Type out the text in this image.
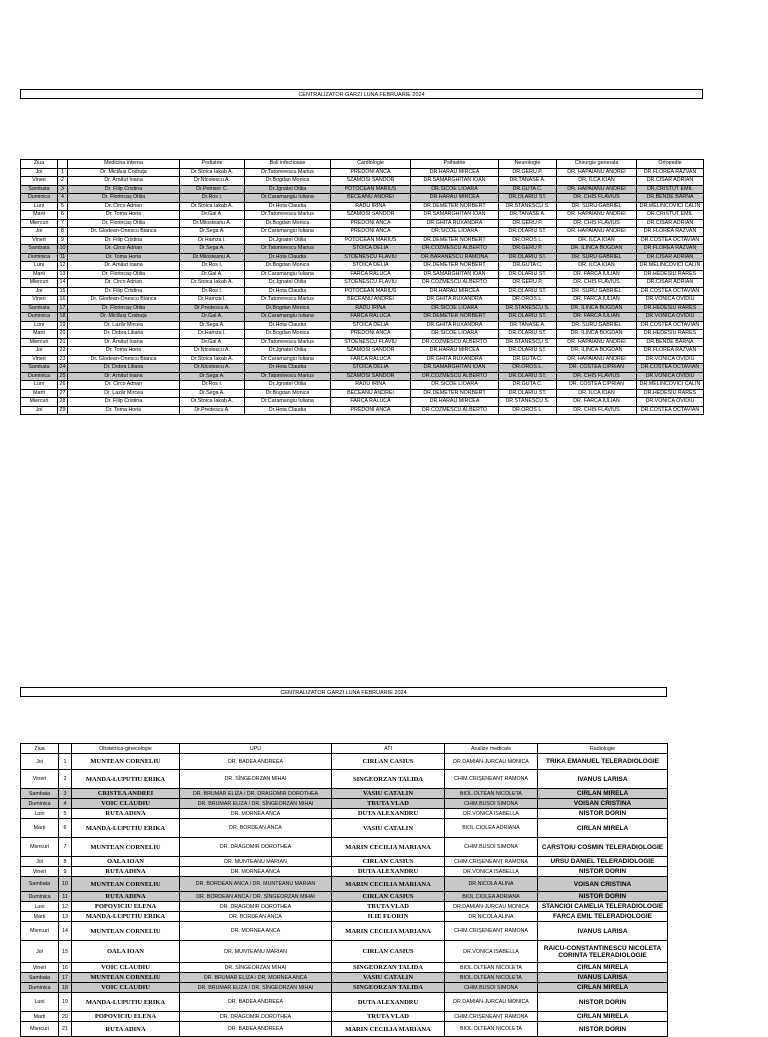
CENTRALIZATOR GARZI LUNA FEBRUARIE 2024
Ziua		Medicina interna	Pediatrie	Boli infectioase	Cardiologie	Psihiatrie	Neurologie	Chirurgie generala	Ortopedie
Joi	1	Dr. Miclăuș Codruța	Dr.Stoica Iakab A.	Dr.Tatomirescu Marius	PREDONI ANCA	DR.HARAU MIRCEA	DR.GERU P.	DR. HAPAIANU ANDREI	DR.FLOREA RAZVAN
Vineri	2	Dr. Arnăut Ioana	Dr.Nicolescu A.	Dr.Bogdan Monica	SZAMOSI SANDOR	DR.SAMARGHITAN IOAN	DR.TANASE A.	DR. ILCA IOAN	DR.CISAR ADRIAN
Sambata	3	Dr. Filip Cristina	Dr.Petrisor C.	Dr.Jgnatel Otilia	POTOCEAN MARIUS	DR.SICOE LIOARA	DR.GUTA C.	DR. HAPAIANU ANDREI	DR.CRISTUT EMIL
Duminica	4	Dr. Florincaș Otilia	Dr.Ros I.	Dr.Caramangiu Iuliana	BECEANU ANDREI	DR.HARAU MIRCEA	DR.OLARIU ST.	DR. CHIS FLAVIUS	DR.BENDE BARNA
Luni	5	Dr. Circo Adrian	Dr.Stoica Iakab A.	Dr.Hota Claudia	RADU IRINA	DR.DEMETER NORBERT	DR.STANESCU S.	DR. SURU GABRIEL	DR.MELINCOVICI CALIN
Marti	6	Dr. Toma Horia	Dr.Gal A.	Dr.Tatomirescu Marius	SZAMOSI SANDOR	DR.SAMARGHITAN IOAN	DR.TANASE A.	DR. HAPAIANU ANDREI	DR.CRISTUT EMIL
Miercuri	7	Dr. Florincaș Otilia	Dr.Milosteanu A.	Dr.Bogdan Monica	PREDONI ANCA	DR.GHITA RUXANDRA	DR.GERU P.	DR. CHIS FLAVIUS	DR.CISAR ADRIAN
Joi	8	Dr. Glodean-Onescu Bianca	Dr.Sega A.	Dr.Caramangiu Iuliana	PREDONI ANCA	DR.SICOE LIOARA	DR.OLARIU ST.	DR. HAPAIANU ANDREI	DR.FLOREA RAZVAN
Vineri	9	Dr. Filip Cristina	Dr.Hamza I.	Dr.Jgnatel Otilia	POTOCEAN MARIUS	DR.DEMETER NORBERT	DR.OROS L.	DR. ILCA IOAN	DR.COSTEA OCTAVIAN
Sambata	10	Dr. Circo Adrian	Dr.Sega A.	Dr.Tatomirescu Marius	STOICA DELIA	DR.COZMESCU ALBERTO	DR.GERU P.	DR. ILINCA BOGDAN	DR.FLOREA RAZVAN
Duminica	11	Dr. Toma Horia	Dr.Milosteanu A.	Dr.Hota Claudia	STOENESCU FLAVIU	DR.BARANESCU RAMONA	DR.OLARIU ST.	DR. SURU GABRIEL	DR.CISAR ADRIAN
Luni	12	Dr. Arnăut Ioana	Dr.Ros I.	Dr.Bogdan Monica	STOICA DELIA	DR.DEMETER NORBERT	DR.GUTA C.	DR. ILCA IOAN	DR.MELINCOVICI CALIN
Marti	13	Dr. Florincaș Otilia	Dr.Gal A.	Dr.Caramangiu Iuliana	FARCA RALUCA	DR.SAMARGHITAN IOAN	DR.OLARIU ST.	DR. FARCA IULIAN	DR.HEDESIU RARES
Miercuri	14	Dr. Circo Adrian	Dr.Stoica Iakab A.	Dr.Jgnatel Otilia	STOENESCU FLAVIU	DR.COZMESCU ALBERTO	DR.GERU P.	DR. CHIS FLAVIUS	DR.CISAR ADRIAN
Joi	15	Dr. Filip Cristina	Dr.Ros I.	Dr.Hota Claudia	POTOCEAN MARIUS	DR.HARAU MIRCEA	DR.OLARIU ST.	DR. SURU GABRIEL	DR.COSTEA OCTAVIAN
Vineri	16	Dr. Glodean-Onescu Bianca	Dr.Hamza I.	Dr.Tatomirescu Marius	BECEANU ANDREI	DR.GHITA RUXANDRA	DR.OROS L.	DR. FARCA IULIAN	DR.VONICA OVIDIU
Sambata	17	Dr. Florincaș Otilia	Dr.Predescu A.	Dr.Bogdan Monica	RADU IRINA	DR.SICOE LIOARA	DR.STANESCU S.	DR. ILINCA BOGDAN	DR.HEDESIU RARES
Duminica	18	Dr. Miclăuș Codruța	Dr.Gal A.	Dr.Caramangiu Iuliana	FARCA RALUCA	DR.DEMETER NORBERT	DR.OLARIU ST.	DR. FARCA IULIAN	DR.VONICA OVIDIU
Luni	19	Dr. Lazăr Mircea	Dr.Sega A.	Dr.Hota Claudia	STOICA DELIA	DR.GHITA RUXANDRA	DR.TANASE A.	DR. SURU GABRIEL	DR.COSTEA OCTAVIAN
Marti	20	Dr. Dobra Liliana	Dr.Hamza I.	Dr.Bogdan Monica	PREDONI ANCA	DR.SICOE LIOARA	DR.OLARIU ST.	DR. ILINCA BOGDAN	DR.HEDESIU RARES
Miercuri	21	Dr. Arnăut Ioana	Dr.Gal A.	Dr.Tatomirescu Marius	STOENESCU FLAVIU	DR.COZMESCU ALBERTO	DR.STANESCU S.	DR. HAPAIANU ANDREI	DR.BENDE BARNA
Joi	22	Dr. Toma Horia	Dr.Nicolescu A.	Dr.Jgnatel Otilia	SZAMOSI SANDOR	DR.HARAU MIRCEA	DR.OLARIU ST.	DR. ILINCA BOGDAN	DR.FLOREA RAZVAN
Vineri	23	Dr. Glodean-Onescu Bianca	Dr.Stoica Iakab A.	Dr.Caramangiu Iuliana	FARCA RALUCA	DR.GHITA RUXANDRA	DR.GUTA C.	DR. HAPAIANU ANDREI	DR.VONICA OVIDIU
Sambata	24	Dr. Dobra Liliana	Dr.Nicolescu A.	Dr.Hota Claudia	STOICA DELIA	DR.SAMARGHITAN IOAN	DR.OROS L.	DR. COSTEA CIPRIAN	DR.COSTEA OCTAVIAN
Duminica	25	Dr. Arnăut Ioana	Dr.Sega A.	Dr.Tatomirescu Marius	SZAMOSI SANDOR	DR.COZMESCU ALBERTO	DR.OLARIU ST.	DR. CHIS FLAVIUS	DR.VONICA OVIDIU
Luni	26	Dr. Circo Adrian	Dr.Ros I.	Dr.Jgnatel Otilia	RADU IRINA	DR.SICOE LIOARA	DR.GUTA C.	DR. COSTEA CIPRIAN	DR.MELINCOVICI CALIN
Marti	27	Dr. Lazăr Mircea	Dr.Sega A.	Dr.Bogdan Monica	BECEANU ANDREI	DR.DEMETER NORBERT	DR.OLARIU ST.	DR. ILCA IOAN	DR.HEDESIU RARES
Miercuri	28	Dr. Filip Cristina	Dr.Stoica Iakab A.	Dr.Caramangiu Iuliana	FARCA RALUCA	DR.HARAU MIRCEA	DR.STANESCU S.	DR. FARCA IULIAN	DR.VONICA OVIDIU
Joi	29	Dr. Toma Horia	Dr.Predescu A.	Dr.Hota Claudia	PREDONI ANCA	DR.COZMESCU ALBERTO	DR.OROS L.	DR. CHIS FLAVIUS	DR.COSTEA OCTAVIAN
CENTRALIZATOR GARZI LUNA FEBRUARIE 2024
Ziua		Obstetrica-ginecologie	UPU	ATI	Analize medicale	Radiologie
Joi	1	MUNTEAN CORNELIU	DR. BADEA ANDREEA	CIRLAN CASIUS	DR.DAMIAN-JURCAU MONICA	TRIKA EMANUEL TELERADIOLOGIE
Vineri	2	MANDA-LUPUTIU ERIKA	DR. SÎNGEORZAN MIHAI	SINGEORZAN TALIDA	CHIM.CRIȘENEANȚ RAMONA	IVANUS LARISA
Sambata	3	CRISTEA ANDREI	DR. BRUMAR ELIZA / DR. DRAGOMIR DOROTHEA	VASIU CATALIN	BIOL.OLTEAN NICOLETA	CIRLAN MIRELA
Duminica	4	VOIC CLAUDIU	DR. BRUMAR ELIZA / DR. SÎNGEORZAN MIHAI	TRUTA VLAD	CHIM.BUSOI SIMONA	VOISAN CRISTINA
Luni	5	RUTA ADINA	DR. MORNEA ANCA	DUTA ALEXANDRU	DR.VONICA ISABELLA	NISTOR DORIN
Marti	6	MANDA-LUPUTIU ERIKA	DR. BORDEAN ANCA	VASIU CATALIN	BIOL.CIOLEA ADRIANA	CIRLAN MIRELA
Miercuri	7	MUNTEAN CORNELIU	DR. DRAGOMIR DOROTHEA	MARIN CECILIA MARIANA	CHIM.BUSOI SIMONA	CARSTOIU COSMIN TELERADIOLOGIE
Joi	8	OALA IOAN	DR. MUNTEANU MARIAN	CIRLAN CASIUS	CHIM.CRIȘENEANȚ RAMONA	URSU DANIEL TELERADIOLOGIE
Vineri	9	RUTA ADINA	DR. MORNEA ANCA	DUTA ALEXANDRU	DR.VONICA ISABELLA	NISTOR DORIN
Sambata	10	MUNTEAN CORNELIU	DR. BORDEAN ANCA / DR. MUNTEANU MARIAN	MARIN CECILIA MARIANA	DR.NICOLA ALINA	VOISAN CRISTINA
Duminica	11	RUTA ADINA	DR. BORDEAN ANCA / DR. SÎNGEORZAN MIHAI	CIRLAN CASIUS	BIOL.CIOLEA ADRIANA	NISTOR DORIN
Luni	12	POPOVICIU ELENA	DR. DRAGOMIR DOROTHEA	TRUTA VLAD	DR.DAMIAN-JURCAU MONICA	STANCIOI CAMELIA TELERADIOLOGIE
Marti	13	MANDA-LUPUTIU ERIKA	DR. BORDEAN ANCA	ILIE FLORIN	DR.NICOLA ALINA	FARCA EMIL TELERADIOLOGIE
Miercuri	14	MUNTEAN CORNELIU	DR. MORNEA ANCA	MARIN CECILIA MARIANA	CHIM.CRIȘENEANȚ RAMONA	IVANUS LARISA
Joi	15	OALA IOAN	DR. MUNTEANU MARIAN	CIRLAN CASIUS	DR.VONICA ISABELLA	RAICU-CONSTANTINESCU NICOLETA CORINTA TELERADIOLOGIE
Vineri	16	VOIC CLAUDIU	DR. SÎNGEORZAN MIHAI	SINGEORZAN TALIDA	BIOL.OLTEAN NICOLETA	CIRLAN MIRELA
Sambata	17	MUNTEAN CORNELIU	DR. BRUMAR ELIZA / DR. MORNEA ANCA	VASIU CATALIN	BIOL.OLTEAN NICOLETA	IVANUS LARISA
Duminica	18	VOIC CLAUDIU	DR. BRUMAR ELIZA / DR. SÎNGEORZAN MIHAI	SINGEORZAN TALIDA	CHIM.BUSOI SIMONA	CIRLAN MIRELA
Luni	19	MANDA-LUPUTIU ERIKA	DR. BADEA ANDREEA	DUTA ALEXANDRU	DR.DAMIAN-JURCAU MONICA	NISTOR DORIN
Marti	20	POPOVICIU ELENA	DR. DRAGOMIR DOROTHEA	TRUTA VLAD	CHIM.CRIȘENEANȚ RAMONA	CIRLAN MIRELA
Miercuri	21	RUTA ADINA	DR. BADEA ANDREEA	MARIN CECILIA MARIANA	BIOL.OLTEAN NICOLETA	NISTOR DORIN
